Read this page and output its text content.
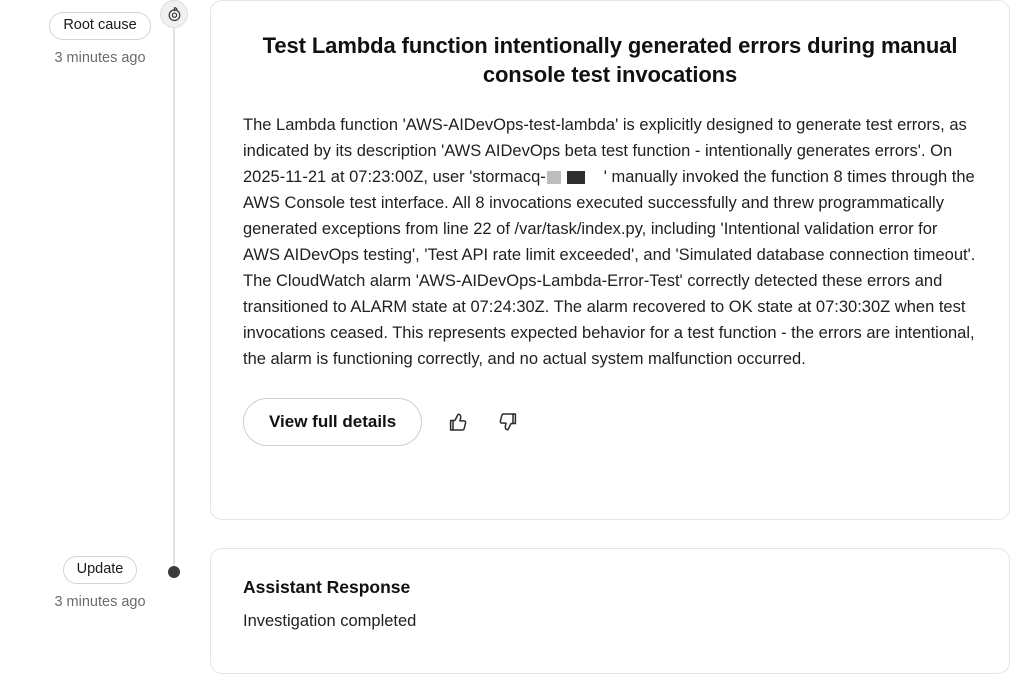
Root cause
3 minutes ago
Update
3 minutes ago
Test Lambda function intentionally generated errors during manual console test invocations
The Lambda function 'AWS-AIDevOps-test-lambda' is explicitly designed to generate test errors, as indicated by its description 'AWS AIDevOps beta test function - intentionally generates errors'. On 2025-11-21 at 07:23:00Z, user 'stormacq-	' manually invoked the function 8 times through the AWS Console test interface. All 8 invocations executed successfully and threw programmatically generated exceptions from line 22 of /var/task/index.py, including 'Intentional validation error for AWS AIDevOps testing', 'Test API rate limit exceeded', and 'Simulated database connection timeout'. The CloudWatch alarm 'AWS-AIDevOps-Lambda-Error-Test' correctly detected these errors and transitioned to ALARM state at 07:24:30Z. The alarm recovered to OK state at 07:30:30Z when test invocations ceased. This represents expected behavior for a test function - the errors are intentional, the alarm is functioning correctly, and no actual system malfunction occurred.
View full details
Assistant Response

Investigation completed
